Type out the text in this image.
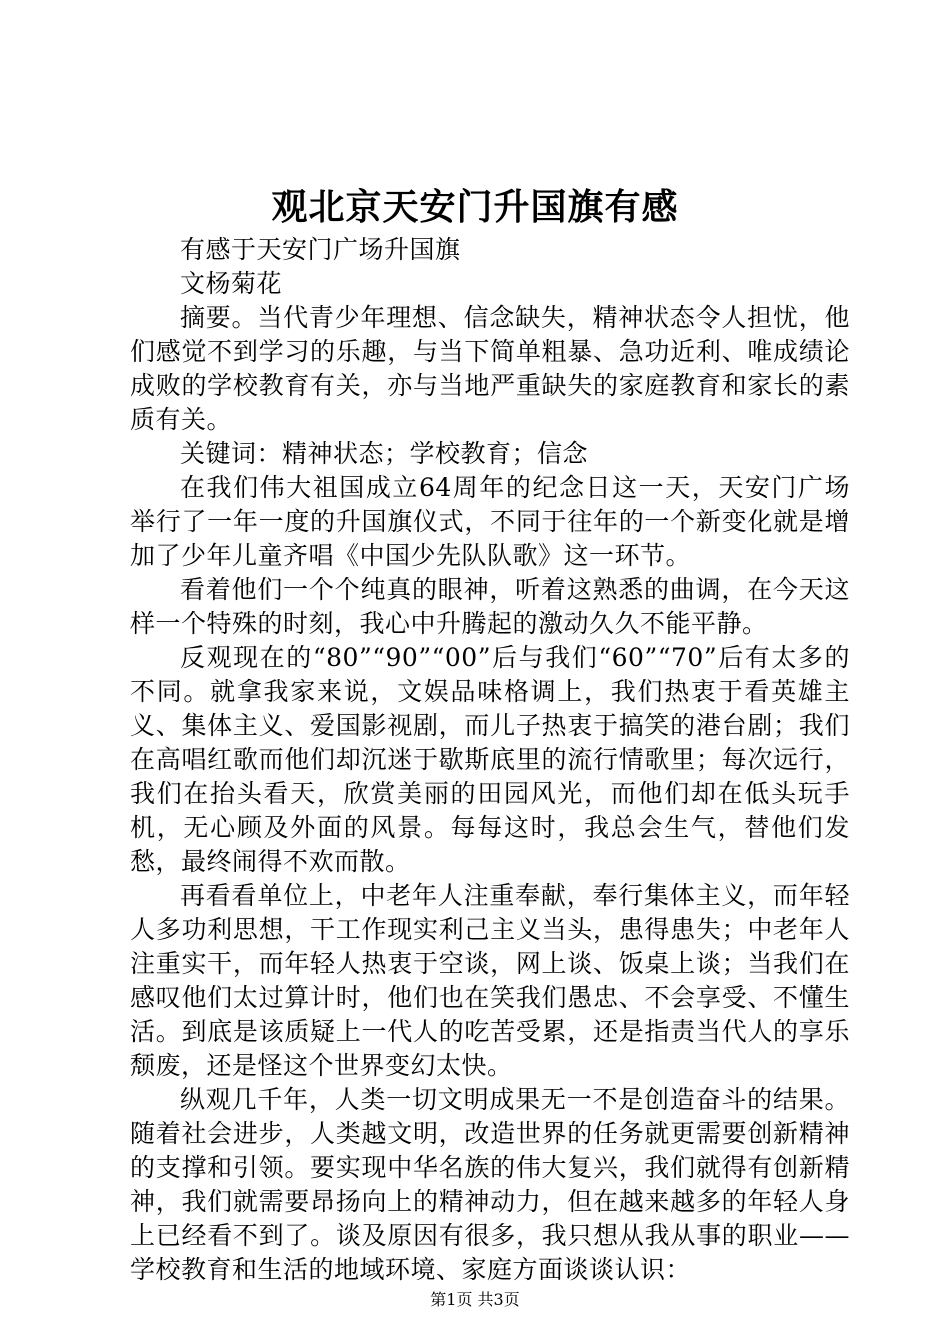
观北京天安门升国旗有感

有感于天安门广场升国旗

文杨菊花

摘要。当代青少年理想、信念缺失，精神状态令人担忧，他们感觉不到学习的乐趣，与当下简单粗暴、急功近利、唯成绩论成败的学校教育有关，亦与当地严重缺失的家庭教育和家长的素质有关。

关键词：精神状态；学校教育；信念

在我们伟大祖国成立64周年的纪念日这一天，天安门广场举行了一年一度的升国旗仪式，不同于往年的一个新变化就是增加了少年儿童齐唱《中国少先队队歌》这一环节。

看着他们一个个纯真的眼神，听着这熟悉的曲调，在今天这样一个特殊的时刻，我心中升腾起的激动久久不能平静。

反观现在的“80”“90”“00”后与我们“60”“70”后有太多的不同。就拿我家来说，文娱品味格调上，我们热衷于看英雄主义、集体主义、爱国影视剧，而儿子热衷于搞笑的港台剧；我们在高唱红歌而他们却沉迷于歇斯底里的流行情歌里；每次远行，我们在抬头看天，欣赏美丽的田园风光，而他们却在低头玩手机，无心顾及外面的风景。每每这时，我总会生气，替他们发愁，最终闹得不欢而散。

再看看单位上，中老年人注重奉献，奉行集体主义，而年轻人多功利思想，干工作现实利己主义当头，患得患失；中老年人注重实干，而年轻人热衷于空谈，网上谈、饭桌上谈；当我们在感叹他们太过算计时，他们也在笑我们愚忠、不会享受、不懂生活。到底是该质疑上一代人的吃苦受累，还是指责当代人的享乐颓废，还是怪这个世界变幻太快。

纵观几千年，人类一切文明成果无一不是创造奋斗的结果。随着社会进步，人类越文明，改造世界的任务就更需要创新精神的支撑和引领。要实现中华名族的伟大复兴，我们就得有创新精神，我们就需要昂扬向上的精神动力，但在越来越多的年轻人身上已经看不到了。谈及原因有很多，我只想从我从事的职业——学校教育和生活的地域环境、家庭方面谈谈认识：

第1页 共3页
